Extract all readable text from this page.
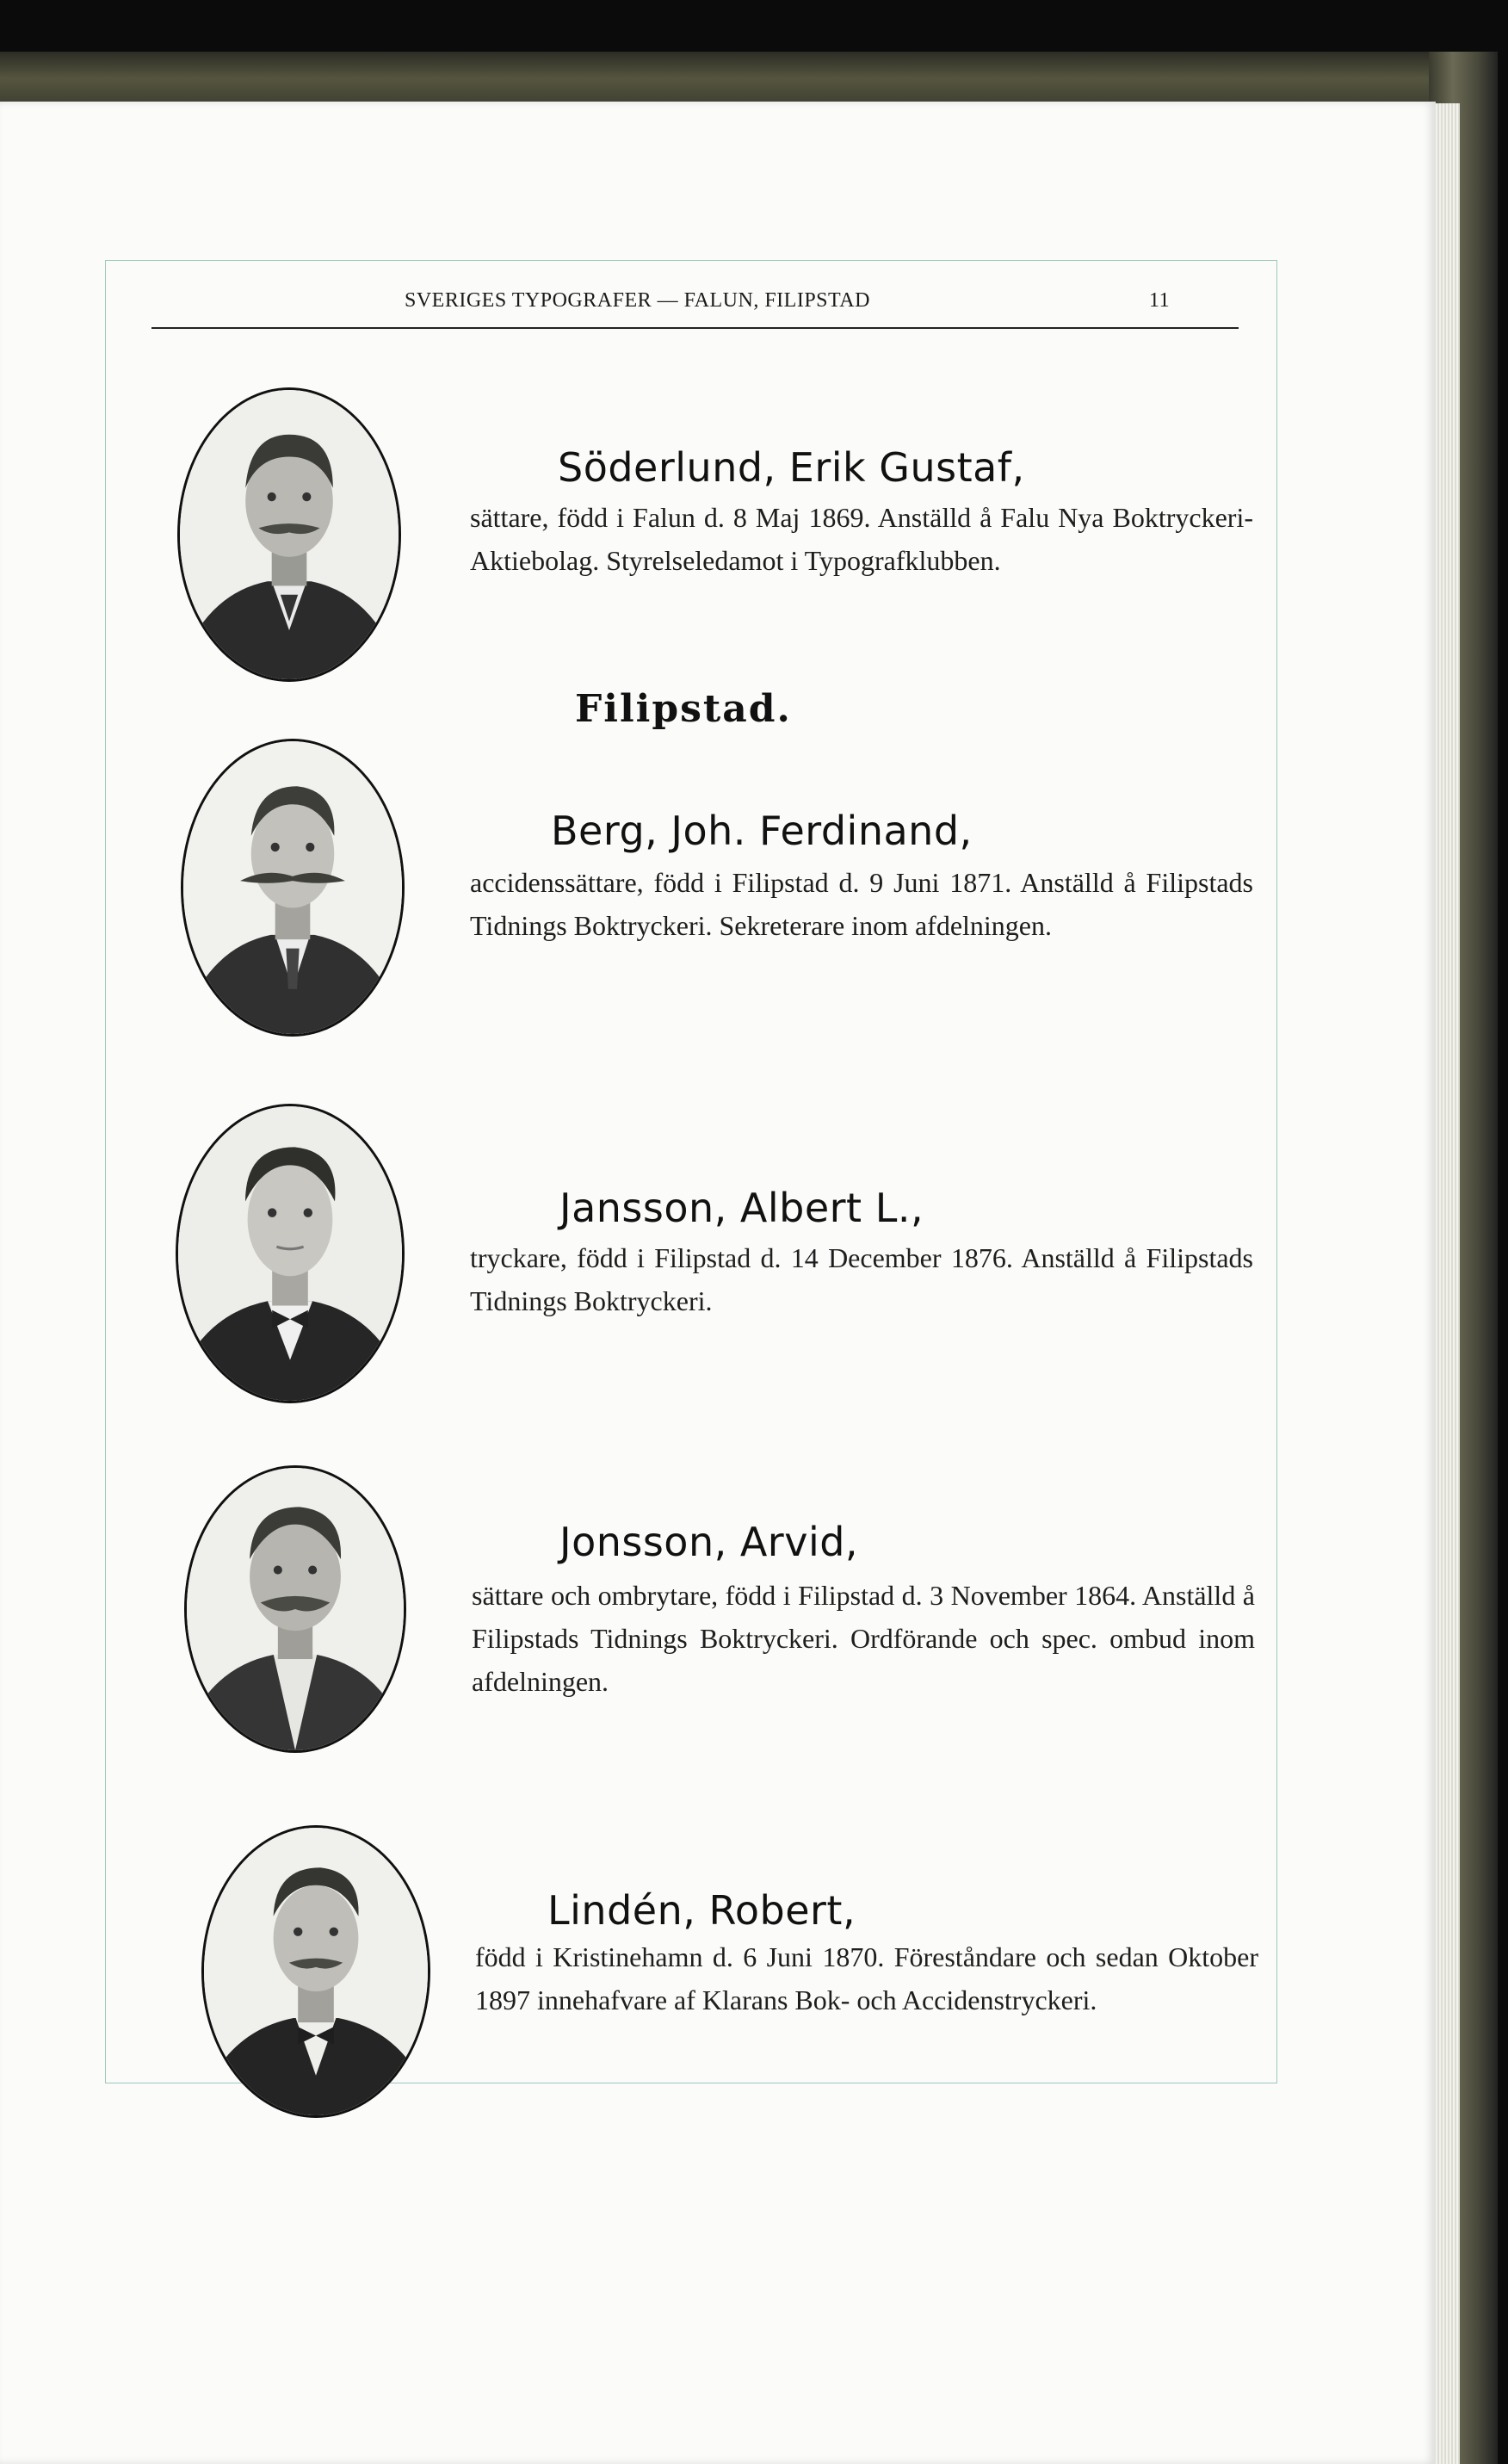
SVERIGES TYPOGRAFER — FALUN, FILIPSTAD	11
Söderlund, Erik Gustaf,

sättare, född i Falun d. 8 Maj 1869. Anställd å Falu Nya Boktryckeri-Aktiebolag. Styrelseledamot i Typografklubben.

Filipstad.
Berg, Joh. Ferdinand,

accidenssättare, född i Filipstad d. 9 Juni 1871. Anställd å Filipstads Tidnings Boktryckeri. Sekreterare inom afdelningen.

Jansson, Albert L.,

tryckare, född i Filipstad d. 14 December 1876. Anställd å Filipstads Tidnings Boktryckeri.

Jonsson, Arvid,

sättare och ombrytare, född i Filipstad d. 3 November 1864. Anställd å Filipstads Tidnings Boktryckeri. Ordförande och spec. ombud inom afdelningen.

Lindén, Robert,

född i Kristinehamn d. 6 Juni 1870. Föreståndare och sedan Oktober 1897 innehafvare af Klarans Bok- och Accidenstryckeri.
